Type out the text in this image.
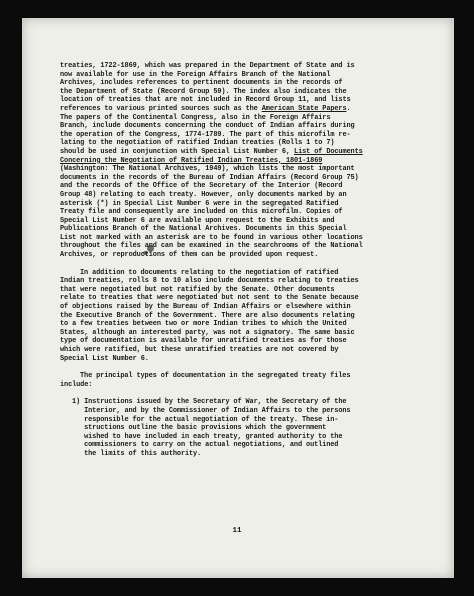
treaties, 1722-1869, which was prepared in the Department of State and is
now available for use in the Foreign Affairs Branch of the National
Archives, includes references to pertinent documents in the records of
the Department of State (Record Group 59). The index also indicates the
location of treaties that are not included in Record Group 11, and lists
references to various printed sources such as the American State Papers.
The papers of the Continental Congress, also in the Foreign Affairs
Branch, include documents concerning the conduct of Indian affairs during
the operation of the Congress, 1774-1789. The part of this microfilm re-
lating to the negotiation of ratified Indian treaties (Rolls 1 to 7)
should be used in conjunction with Special List Number 6, List of Documents
Concerning the Negotiation of Ratified Indian Treaties, 1801-1869
(Washington: The National Archives, 1949), which lists the most important
documents in the records of the Bureau of Indian Affairs (Record Group 75)
and the records of the Office of the Secretary of the Interior (Record
Group 48) relating to each treaty. However, only documents marked by an
asterisk (*) in Special List Number 6 were in the segregated Ratified
Treaty file and consequently are included on this microfilm. Copies of
Special List Number 6 are available upon request to the Exhibits and
Publications Branch of the National Archives. Documents in this Special
List not marked with an asterisk are to be found in various other locations
throughout the files and can be examined in the searchrooms of the National
Archives, or reproductions of them can be provided upon request.
In addition to documents relating to the negotiation of ratified
Indian treaties, rolls 8 to 10 also include documents relating to treaties
that were negotiated but not ratified by the Senate. Other documents
relate to treaties that were negotiated but not sent to the Senate because
of objections raised by the Bureau of Indian Affairs or elsewhere within
the Executive Branch of the Government. There are also documents relating
to a few treaties between two or more Indian tribes to which the United
States, although an interested party, was not a signatory. The same basic
type of documentation is available for unratified treaties as for those
which were ratified, but these unratified treaties are not covered by
Special List Number 6.
The principal types of documentation in the segregated treaty files
include:
1) Instructions issued by the Secretary of War, the Secretary of the
Interior, and by the Commissioner of Indian Affairs to the persons
responsible for the actual negotiation of the treaty. These in-
structions outline the basic provisions which the government
wished to have included in each treaty, granted authority to the
commissioners to carry on the actual negotiations, and outlined
the limits of this authority.
11
